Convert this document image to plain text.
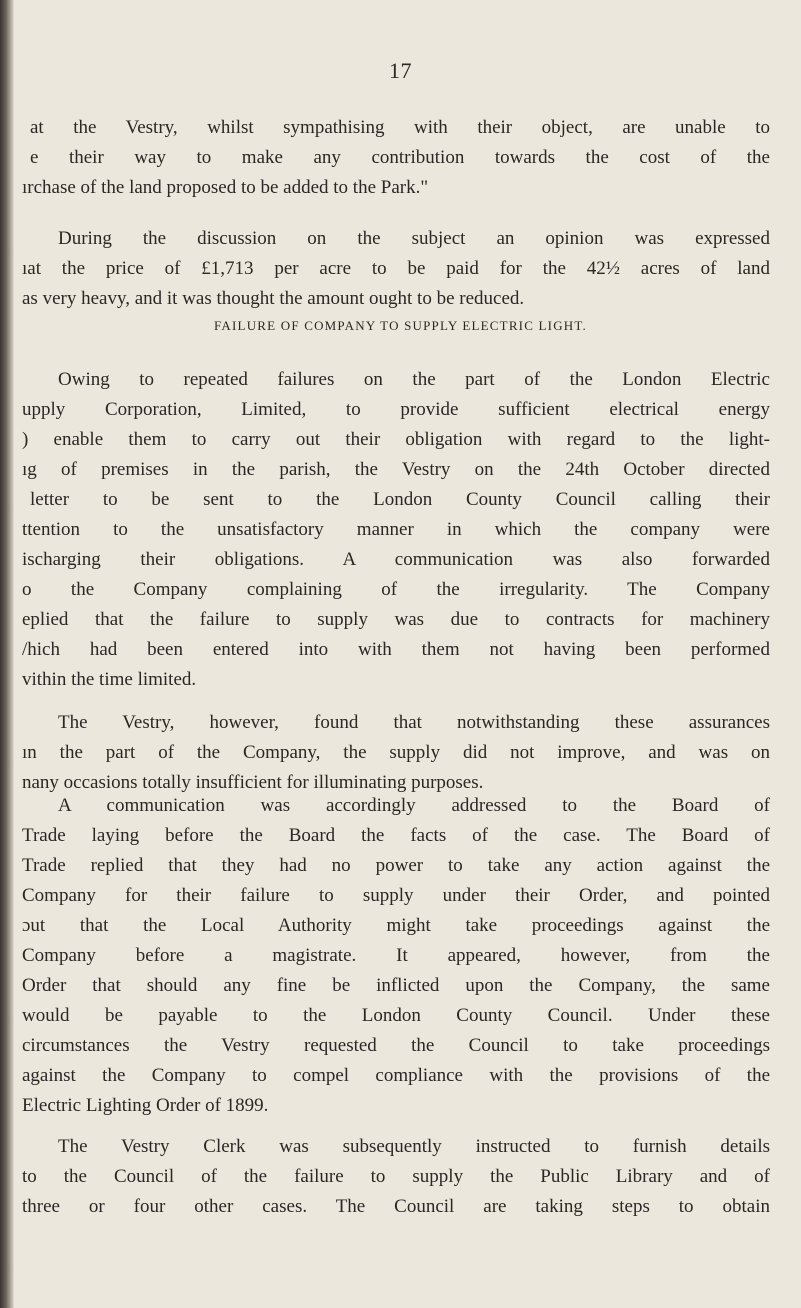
17
at the Vestry, whilst sympathising with their object, are unable to
e their way to make any contribution towards the cost of the
ırchase of the land proposed to be added to the Park."
During the discussion on the subject an opinion was expressed
ıat the price of £1,713 per acre to be paid for the 42½ acres of land
as very heavy, and it was thought the amount ought to be reduced.
FAILURE OF COMPANY TO SUPPLY ELECTRIC LIGHT.
Owing to repeated failures on the part of the London Electric
upply Corporation, Limited, to provide sufficient electrical energy
) enable them to carry out their obligation with regard to the light-
ıg of premises in the parish, the Vestry on the 24th October directed
letter to be sent to the London County Council calling their
ttention to the unsatisfactory manner in which the company were
ischarging their obligations. A communication was also forwarded
o the Company complaining of the irregularity. The Company
eplied that the failure to supply was due to contracts for machinery
/hich had been entered into with them not having been performed
vithin the time limited.
The Vestry, however, found that notwithstanding these assurances
ın the part of the Company, the supply did not improve, and was on
nany occasions totally insufficient for illuminating purposes.
A communication was accordingly addressed to the Board of
Trade laying before the Board the facts of the case. The Board of
Trade replied that they had no power to take any action against the
Company for their failure to supply under their Order, and pointed
ɔut that the Local Authority might take proceedings against the
Company before a magistrate. It appeared, however, from the
Order that should any fine be inflicted upon the Company, the same
would be payable to the London County Council. Under these
circumstances the Vestry requested the Council to take proceedings
against the Company to compel compliance with the provisions of the
Electric Lighting Order of 1899.
The Vestry Clerk was subsequently instructed to furnish details
to the Council of the failure to supply the Public Library and of
three or four other cases. The Council are taking steps to obtain
